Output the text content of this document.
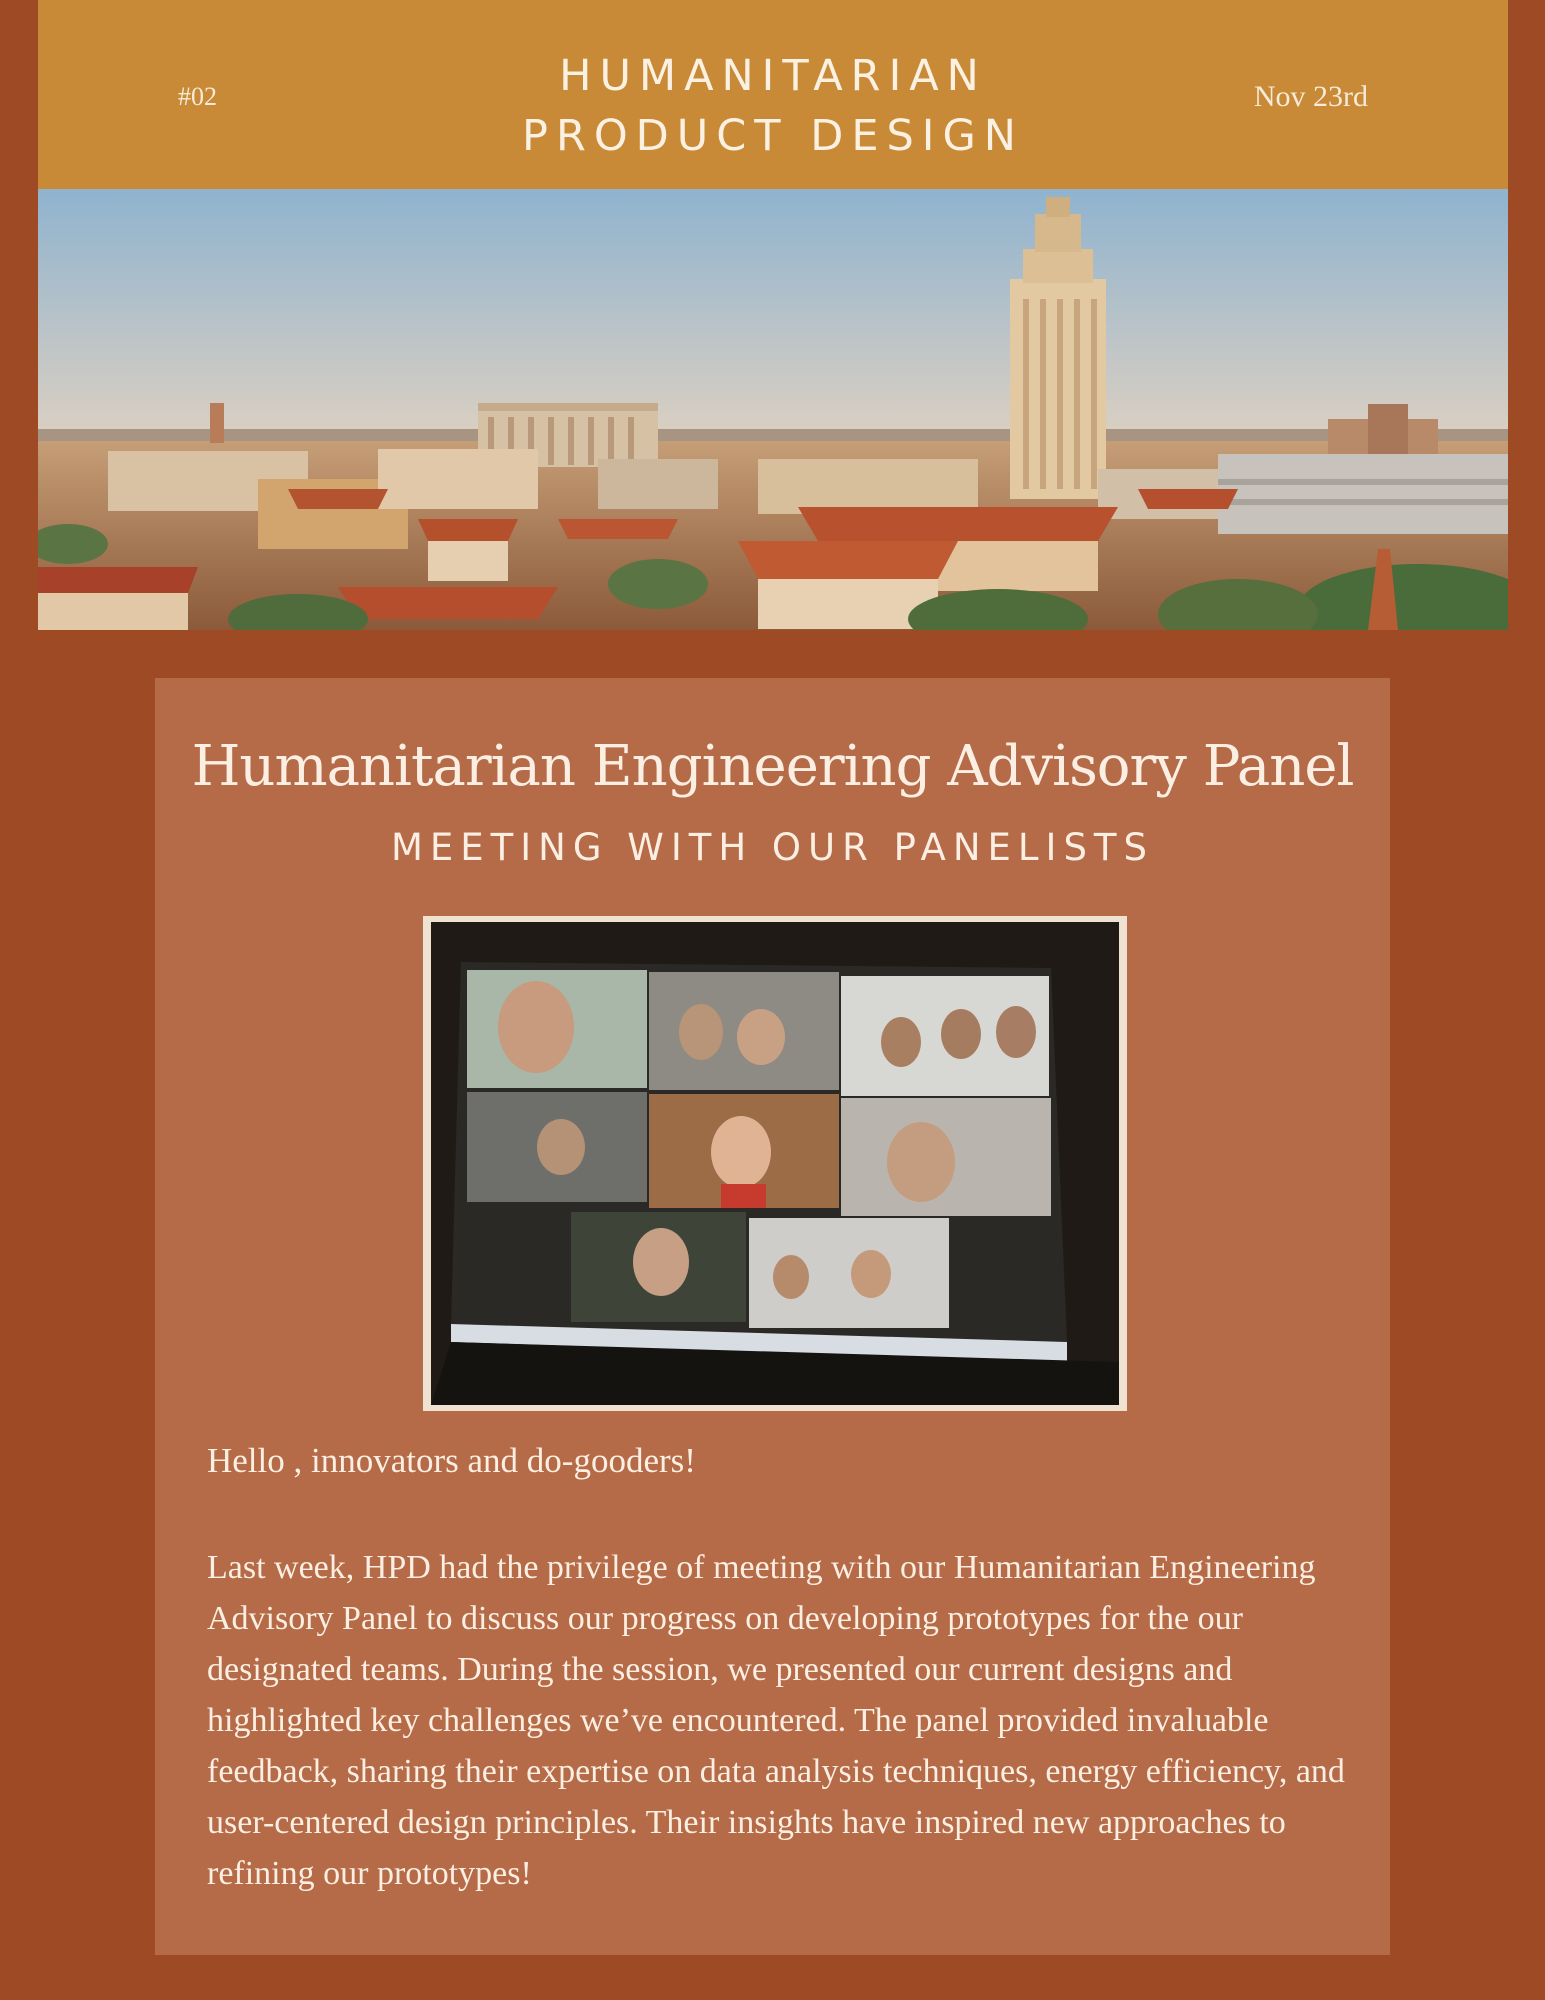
#02	HUMANITARIAN
PRODUCT DESIGN
Nov 23rd
Humanitarian Engineering Advisory Panel
MEETING WITH OUR PANELISTS
Hello , innovators and do-gooders!
Last week, HPD had the privilege of meeting with our Humanitarian Engineering Advisory Panel to discuss our progress on developing prototypes for the our designated teams. During the session, we presented our current designs and highlighted key challenges we’ve encountered. The panel provided invaluable feedback, sharing their expertise on data analysis techniques, energy efficiency, and user-centered design principles. Their insights have inspired new approaches to refining our prototypes!
